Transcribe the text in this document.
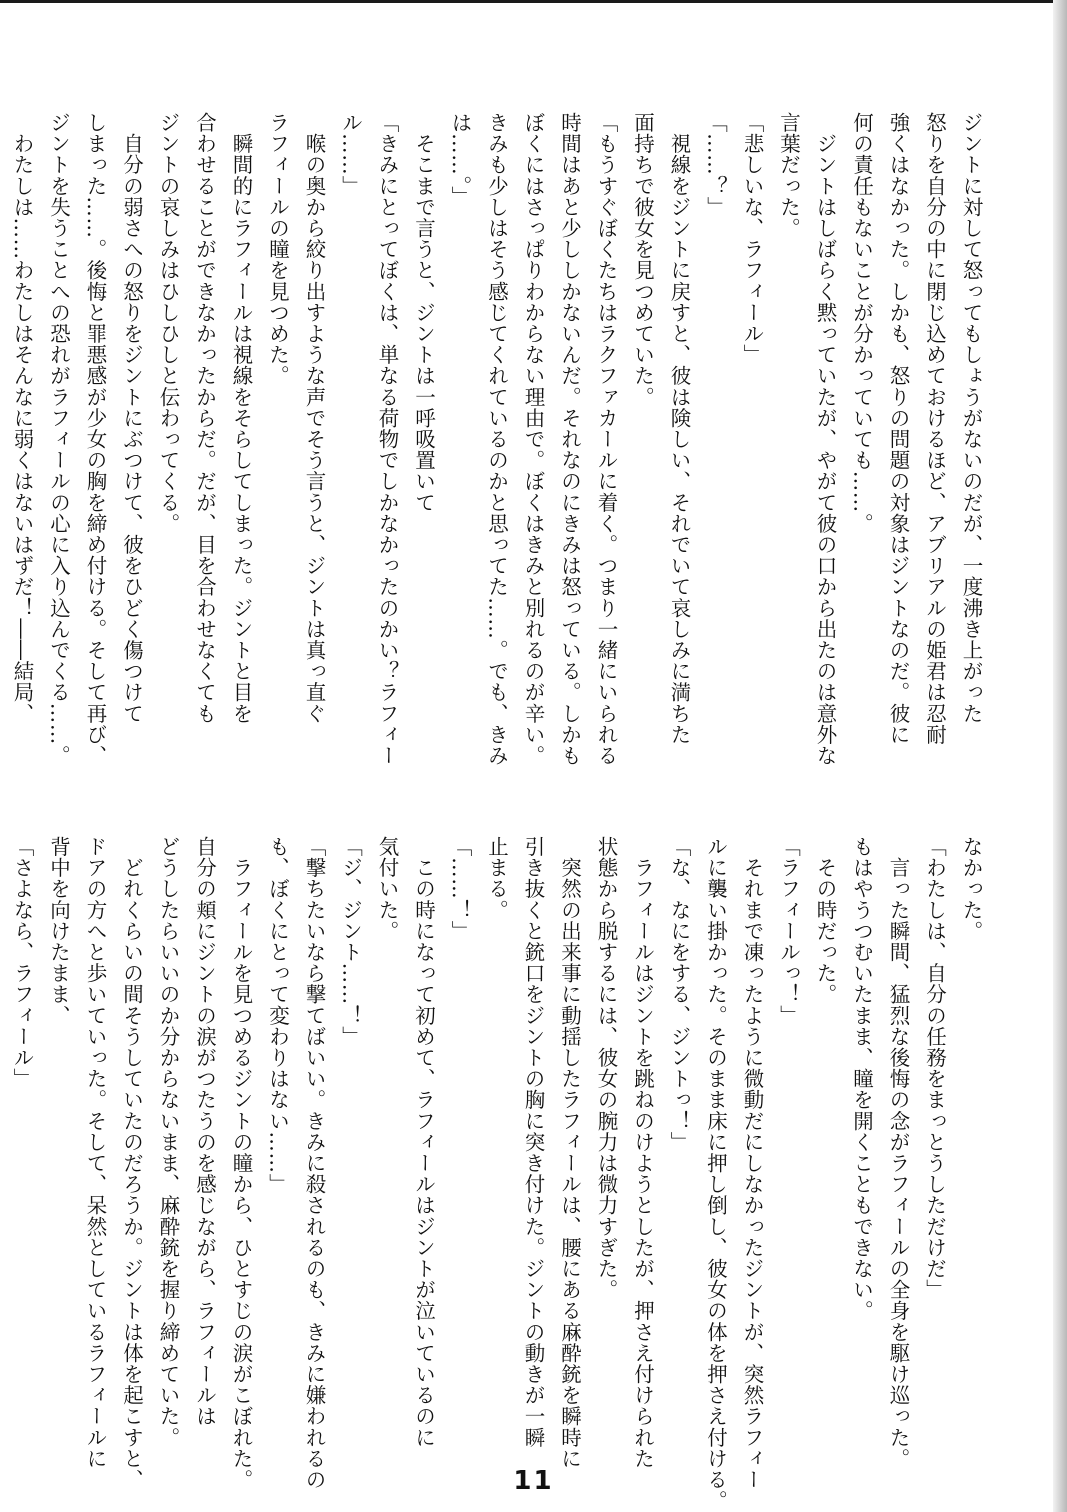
ジントに対して怒ってもしょうがないのだが、一度沸き上がった
怒りを自分の中に閉じ込めておけるほど、アブリアルの姫君は忍耐
強くはなかった。しかも、怒りの問題の対象はジントなのだ。彼に
何の責任もないことが分かっていても……。
　ジントはしばらく黙っていたが、やがて彼の口から出たのは意外な
言葉だった。
「悲しいな、ラフィール」
「……？」
　視線をジントに戻すと、彼は険しい、それでいて哀しみに満ちた
面持ちで彼女を見つめていた。
「もうすぐぼくたちはラクファカールに着く。つまり一緒にいられる
時間はあと少ししかないんだ。それなのにきみは怒っている。しかも
ぼくにはさっぱりわからない理由で。ぼくはきみと別れるのが辛い。
きみも少しはそう感じてくれているのかと思ってた……。でも、きみ
は……。」
　そこまで言うと、ジントは一呼吸置いて
「きみにとってぼくは、単なる荷物でしかなかったのかい？ラフィー
ル……」
　喉の奥から絞り出すような声でそう言うと、ジントは真っ直ぐ
ラフィールの瞳を見つめた。
　瞬間的にラフィールは視線をそらしてしまった。ジントと目を
合わせることができなかったからだ。だが、目を合わせなくても
ジントの哀しみはひしひしと伝わってくる。
　自分の弱さへの怒りをジントにぶつけて、彼をひどく傷つけて
しまった……。後悔と罪悪感が少女の胸を締め付ける。そして再び、
ジントを失うことへの恐れがラフィールの心に入り込んでくる……。
　わたしは……わたしはそんなに弱くはないはずだ！――結局、
なかった。
「わたしは、自分の任務をまっとうしただけだ」
　言った瞬間、猛烈な後悔の念がラフィールの全身を駆け巡った。
もはやうつむいたまま、瞳を開くこともできない。
　その時だった。
「ラフィールっ！」
　それまで凍ったように微動だにしなかったジントが、突然ラフィー
ルに襲い掛かった。そのまま床に押し倒し、彼女の体を押さえ付ける。
「な、なにをする、ジントっ！」
　ラフィールはジントを跳ねのけようとしたが、押さえ付けられた
状態から脱するには、彼女の腕力は微力すぎた。
　突然の出来事に動揺したラフィールは、腰にある麻酔銃を瞬時に
引き抜くと銃口をジントの胸に突き付けた。ジントの動きが一瞬
止まる。
「……！」
　この時になって初めて、ラフィールはジントが泣いているのに
気付いた。
「ジ、ジント……！」
「撃ちたいなら撃てばいい。きみに殺されるのも、きみに嫌われるの
も、ぼくにとって変わりはない……」
　ラフィールを見つめるジントの瞳から、ひとすじの涙がこぼれた。
自分の頬にジントの涙がつたうのを感じながら、ラフィールは
どうしたらいいのか分からないまま、麻酔銃を握り締めていた。
　どれくらいの間そうしていたのだろうか。ジントは体を起こすと、
ドアの方へと歩いていった。そして、呆然としているラフィールに
背中を向けたまま、
「さよなら、ラフィール」
11
